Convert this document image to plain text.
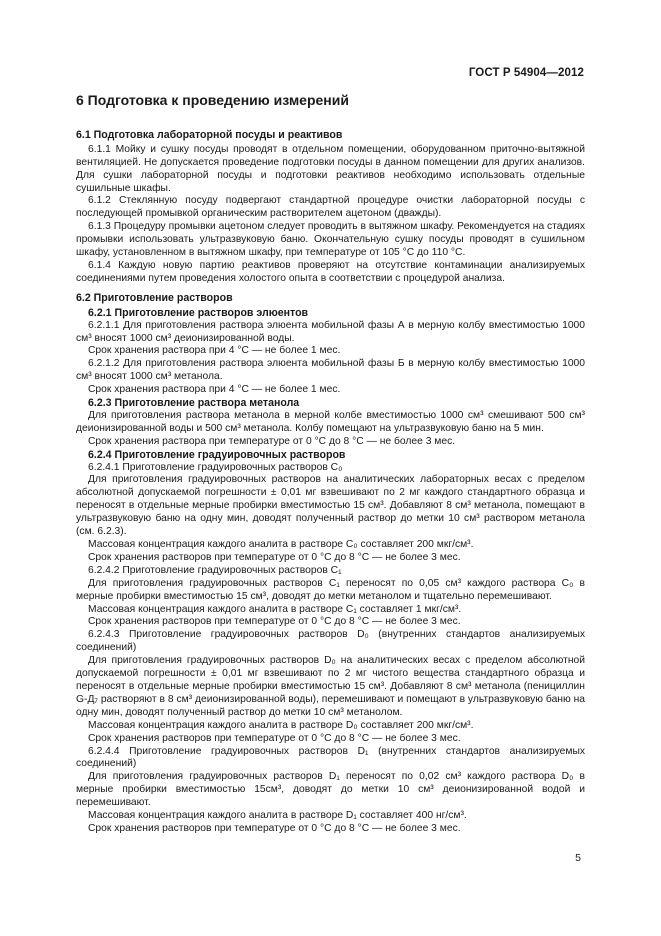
ГОСТ Р 54904—2012
6 Подготовка к проведению измерений
6.1 Подготовка лабораторной посуды и реактивов
6.1.1 Мойку и сушку посуды проводят в отдельном помещении, оборудованном приточно-вытяжной вентиляцией. Не допускается проведение подготовки посуды в данном помещении для других анализов. Для сушки лабораторной посуды и подготовки реактивов необходимо использовать отдельные сушильные шкафы.
6.1.2 Стеклянную посуду подвергают стандартной процедуре очистки лабораторной посуды с последующей промывкой органическим растворителем ацетоном (дважды).
6.1.3 Процедуру промывки ацетоном следует проводить в вытяжном шкафу. Рекомендуется на стадиях промывки использовать ультразвуковую баню. Окончательную сушку посуды проводят в сушильном шкафу, установленном в вытяжном шкафу, при температуре от 105 °C до 110 °C.
6.1.4 Каждую новую партию реактивов проверяют на отсутствие контаминации анализируемых соединениями путем проведения холостого опыта в соответствии с процедурой анализа.
6.2 Приготовление растворов
6.2.1 Приготовление растворов элюентов
6.2.1.1 Для приготовления раствора элюента мобильной фазы А в мерную колбу вместимостью 1000 см³ вносят 1000 см³ деионизированной воды.
Срок хранения раствора при 4 °C — не более 1 мес.
6.2.1.2 Для приготовления раствора элюента мобильной фазы Б в мерную колбу вместимостью 1000 см³ вносят 1000 см³ метанола.
Срок хранения раствора при 4 °C — не более 1 мес.
6.2.3 Приготовление раствора метанола
Для приготовления раствора метанола в мерной колбе вместимостью 1000 см³ смешивают 500 см³ деионизированной воды и 500 см³ метанола. Колбу помещают на ультразвуковую баню на 5 мин.
Срок хранения раствора при температуре от 0 °C до 8 °C — не более 3 мес.
6.2.4 Приготовление градуировочных растворов
6.2.4.1 Приготовление градуировочных растворов C₀
Для приготовления градуировочных растворов на аналитических лабораторных весах с пределом абсолютной допускаемой погрешности ± 0,01 мг взвешивают по 2 мг каждого стандартного образца и переносят в отдельные мерные пробирки вместимостью 15 см³. Добавляют 8 см³ метанола, помещают в ультразвуковую баню на одну мин, доводят полученный раствор до метки 10 см³ раствором метанола (см. 6.2.3).
Массовая концентрация каждого аналита в растворе C₀ составляет 200 мкг/см³.
Срок хранения растворов при температуре от 0 °C до 8 °C — не более 3 мес.
6.2.4.2 Приготовление градуировочных растворов C₁
Для приготовления градуировочных растворов C₁ переносят по 0,05 см³ каждого раствора C₀ в мерные пробирки вместимостью 15 см³, доводят до метки метанолом и тщательно перемешивают.
Массовая концентрация каждого аналита в растворе C₁ составляет 1 мкг/см³.
Срок хранения растворов при температуре от 0 °C до 8 °C — не более 3 мес.
6.2.4.3 Приготовление градуировочных растворов D₀ (внутренних стандартов анализируемых соединений)
Для приготовления градуировочных растворов D₀ на аналитических весах с пределом абсолютной допускаемой погрешности ± 0,01 мг взвешивают по 2 мг чистого вещества стандартного образца и переносят в отдельные мерные пробирки вместимостью 15 см³. Добавляют 8 см³ метанола (пенициллин G-Д₇ растворяют в 8 см³ деионизированной воды), перемешивают и помещают в ультразвуковую баню на одну мин, доводят полученный раствор до метки 10 см³ метанолом.
Массовая концентрация каждого аналита в растворе D₀ составляет 200 мкг/см³.
Срок хранения растворов при температуре от 0 °C до 8 °C — не более 3 мес.
6.2.4.4 Приготовление градуировочных растворов D₁ (внутренних стандартов анализируемых соединений)
Для приготовления градуировочных растворов D₁ переносят по 0,02 см³ каждого раствора D₀ в мерные пробирки вместимостью 15см³, доводят до метки 10 см³ деионизированной водой и перемешивают.
Массовая концентрация каждого аналита в растворе D₁ составляет 400 нг/см³.
Срок хранения растворов при температуре от 0 °C до 8 °C — не более 3 мес.
5
